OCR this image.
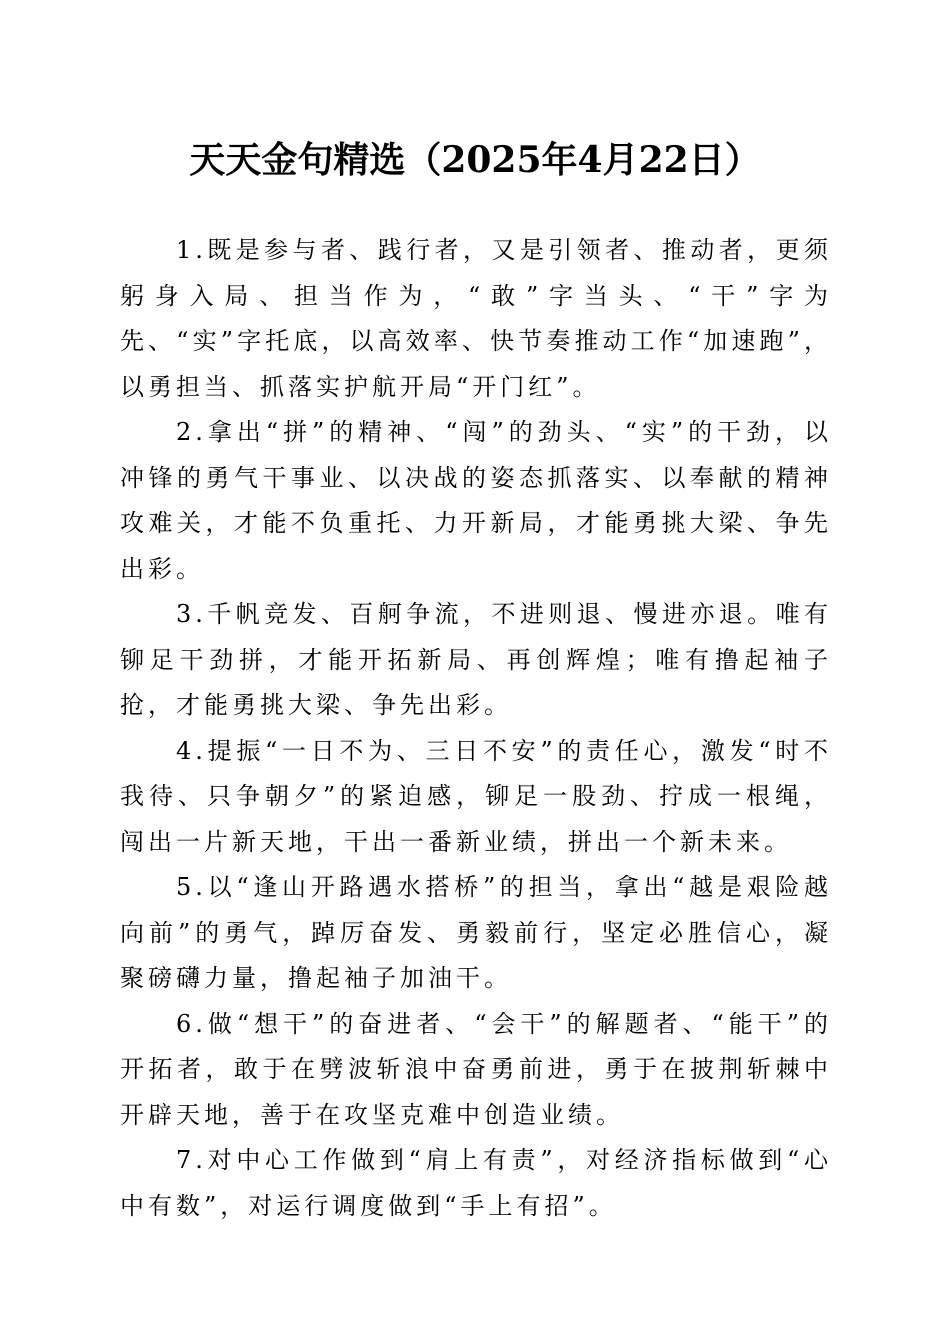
天天金句精选（2025年4月22日）

1.既是参与者、践行者，又是引领者、推动者，更须躬身入局、担当作为，“敢”字当头、“干”字为先、“实”字托底，以高效率、快节奏推动工作“加速跑”，以勇担当、抓落实护航开局“开门红”。

2.拿出“拼”的精神、“闯”的劲头、“实”的干劲，以冲锋的勇气干事业、以决战的姿态抓落实、以奉献的精神攻难关，才能不负重托、力开新局，才能勇挑大梁、争先出彩。

3.千帆竞发、百舸争流，不进则退、慢进亦退。唯有铆足干劲拼，才能开拓新局、再创辉煌；唯有撸起袖子抢，才能勇挑大梁、争先出彩。

4.提振“一日不为、三日不安”的责任心，激发“时不我待、只争朝夕”的紧迫感，铆足一股劲、拧成一根绳，闯出一片新天地，干出一番新业绩，拼出一个新未来。

5.以“逢山开路遇水搭桥”的担当，拿出“越是艰险越向前”的勇气，踔厉奋发、勇毅前行，坚定必胜信心，凝聚磅礴力量，撸起袖子加油干。

6.做“想干”的奋进者、“会干”的解题者、“能干”的开拓者，敢于在劈波斩浪中奋勇前进，勇于在披荆斩棘中开辟天地，善于在攻坚克难中创造业绩。

7.对中心工作做到“肩上有责”，对经济指标做到“心中有数”，对运行调度做到“手上有招”。
